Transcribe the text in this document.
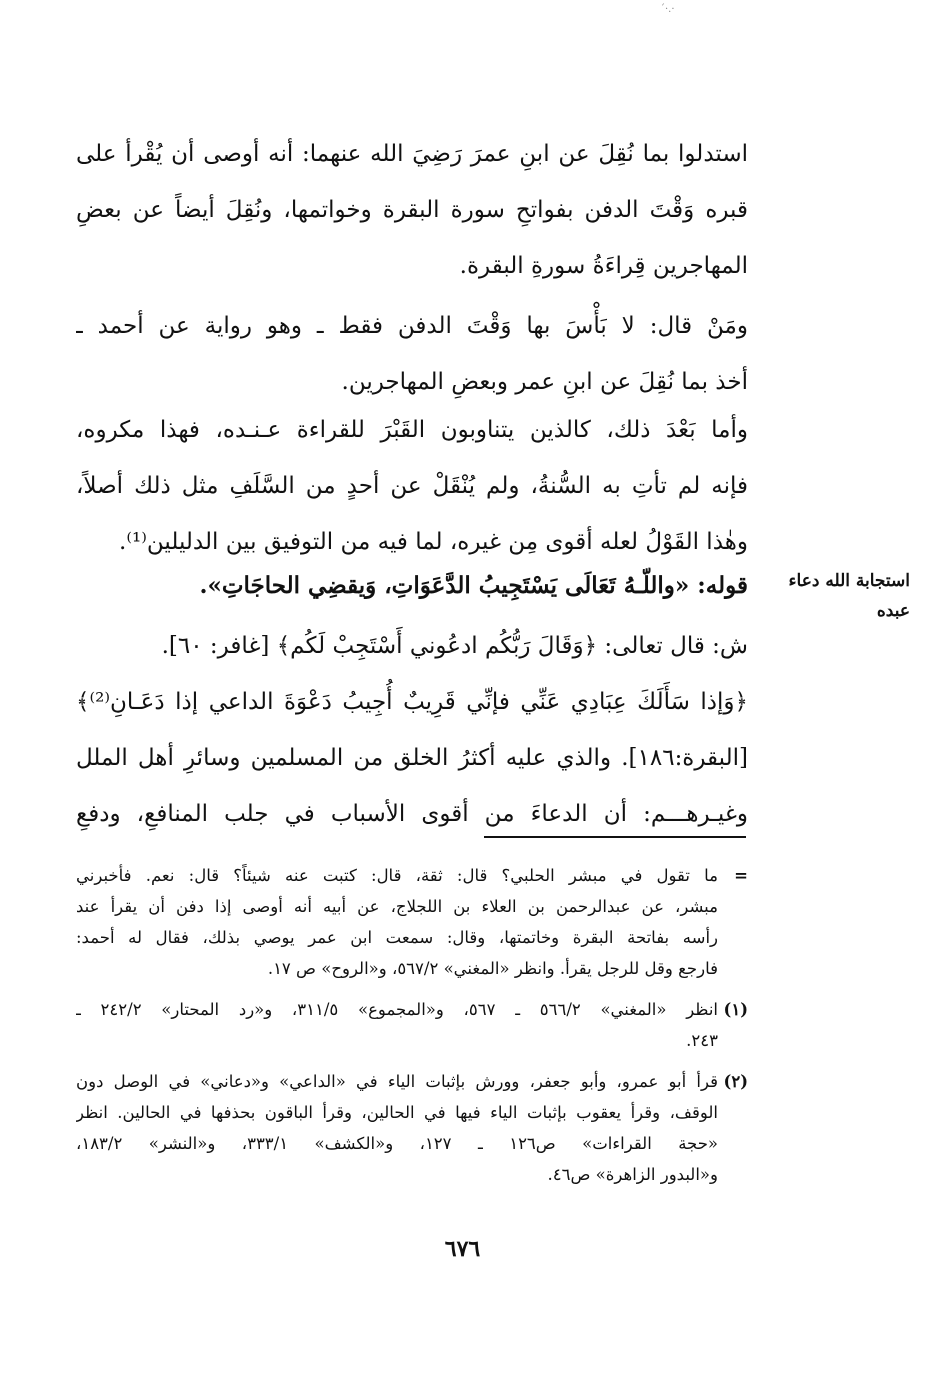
·.·´
استدلوا بما نُقِلَ عن ابنِ عمرَ رَضِيَ الله عنهما: أنه أوصى أن يُقْرأ على
قبره وَقْتَ الدفن بفواتحِ سورة البقرة وخواتمها، ونُقِلَ أيضاً عن بعضِ
المهاجرين قِراءَةُ سورةِ البقرة.
ومَنْ قال: لا بَأْسَ بها وَقْتَ الدفن فقط ـ وهو رواية عن أحمد ـ
أخذ بما نُقِلَ عن ابنِ عمر وبعضِ المهاجرين.
وأما بَعْدَ ذلك، كالذين يتناوبون القَبْرَ للقراءة عـنـده، فهذا مكروه،
فإنه لم تأتِ به السُّنةُ، ولم يُنْقَلْ عن أحدٍ من السَّلَفِ مثل ذلك أصلاً،
وهٰذا القَوْلُ لعله أقوى مِن غيره، لما فيه من التوفيق بين الدليلين⁽¹⁾.
قوله: «واللّـهُ تَعَالَى يَسْتَجِيبُ الدَّعَوَاتِ، وَيقضِي الحاجَاتِ».
ش: قال تعالى: ﴿وَقَالَ رَبُّكُم ادعُوني أَسْتَجِبْ لَكُم﴾ [غافر: ٦٠].
﴿وَإذا سَأَلَكَ عِبَادِي عَنِّي فإنِّي قَرِيبٌ أُجِيبُ دَعْوَةَ الداعي إذا دَعَـانِ⁽²⁾﴾
[البقرة:١٨٦]. والذي عليه أكثرُ الخلق من المسلمين وسائرِ أهل الملل
وغيـرهـــم: أن الدعاءَ من أقوى الأسباب في جلب المنافعِ، ودفعِ
استجابة الله دعاء
عبده
=
ما تقول في مبشر الحلبي؟ قال: ثقة، قال: كتبت عنه شيئاً؟ قال: نعم. فأخبرني
مبشر، عن عبدالرحمن بن العلاء بن اللجلاج، عن أبيه أنه أوصى إذا دفن أن يقرأ عند
رأسه بفاتحة البقرة وخاتمتها، وقال: سمعت ابن عمر يوصي بذلك، فقال له أحمد:
فارجع وقل للرجل يقرأ. وانظر «المغني» ٥٦٧/٢، و«الروح» ص ١٧.
(١)
انظر «المغني» ٥٦٦/٢ ـ ٥٦٧، و«المجموع» ٣١١/٥، و«رد المحتار» ٢٤٢/٢ ـ
٢٤٣.
(٢)
قرأ أبو عمرو، وأبو جعفر، وورش بإثبات الياء في «الداعي» و«دعاني» في الوصل دون
الوقف، وقرأ يعقوب بإثبات الياء فيها في الحالين، وقرأ الباقون بحذفها في الحالين. انظر
«حجة القراءات» ص١٢٦ ـ ١٢٧، و«الكشف» ٣٣٣/١، و«النشر» ١٨٣/٢،
و«البدور الزاهرة» ص٤٦.
٦٧٦
